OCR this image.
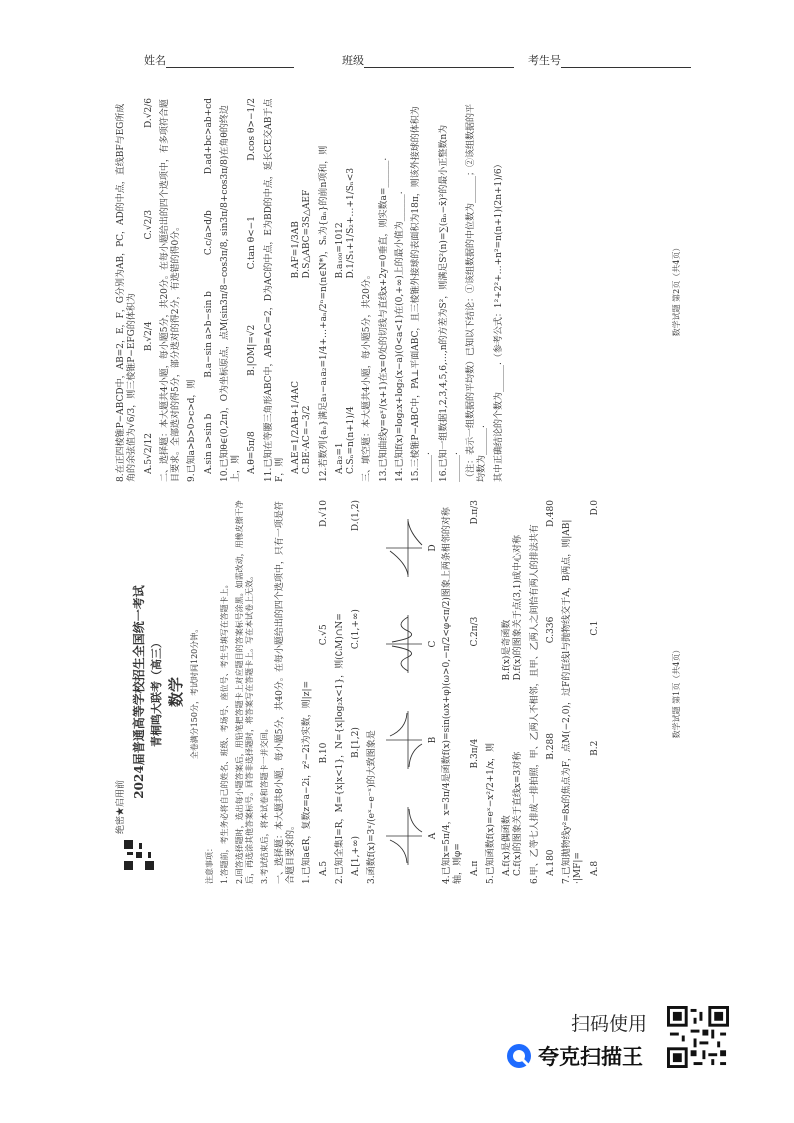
姓名	班级	考生号

绝密★启用前

2024届普通高等学校招生全国统一考试 青桐鸣大联考（高三） 数学 全卷满分150分，考试时间120分钟。

注意事项： 1.答题前，考生务必将自己的姓名、班级、考场号、座位号、考生号填写在答题卡上。 2.回答选择题时，选出每小题答案后，用铅笔把答题卡上对应题目的答案标号涂黑。如需改动，用橡皮擦干净后，再选涂其他答案标号。回答非选择题时，将答案写在答题卡上。写在本试卷上无效。 3.考试结束后，将本试卷和答题卡一并交回。 一、选择题：本大题共8小题，每小题5分，共40分。在每小题给出的四个选项中，只有一项是符合题目要求的。 1.已知a∈R，复数z=a−2i，z²−2i为实数，则|z|= A.5
B.10
C.√5
D.√10

2.已知全集I=R，M={x|x<1}，N={x|log₂x<1}，则(∁ᵢM)∩N= A.[1,+∞)
B.[1,2)
C.(1,+∞)
D.(1,2)

3.函数f(x)=3ˣ/(eˣ−e⁻ˣ)的大致图象是	A
B
C
D 4.已知x=5π/4，x=3π/4是函数f(x)=sin(ωx+φ)(ω>0,−π/2<φ<π/2)图象上两条相邻的对称轴，则φ= A.π
B.3π/4
C.2π/3
D.π/3

5.已知函数f(x)=eˣ−x²/2+1/x，则 A.f(x)是偶函数
B.f(x)是奇函数
C.f(x)的图象关于直线x=3对称
D.f(x)的图象关于点(3,1)成中心对称 6.甲、乙等七人排成一排拍照，甲、乙两人不相邻，且甲、乙两人之间恰有两人的排法共有 A.180
B.288
C.336
D.480

7.已知抛物线y²=8x的焦点为F，点M(−2,0)，过F的直线l与抛物线交于A，B两点，则|AB|·|MF|= A.8
B.2
C.1
D.0
数学试题 第1页（共4页）

8.在正四棱锥P−ABCD中，AB=2，E，F，G分别为AB，PC，AD的中点，直线BF与EG所成角的余弦值为√6/3，则三棱锥P−EFG的体积为 A.5√2/12
B.√2/4
C.√2/3
D.√2/6 二、选择题：本大题共4小题，每小题5分，共20分。在每小题给出的四个选项中，有多项符合题目要求。全部选对的得5分，部分选对的得2分，有选错的得0分。 9.已知a>b>0>c>d，则 A.sin a>sin b
B.a−sin a>b−sin b
C.c/a>d/b
D.ad+bc>ab+cd 10.已知θ∈(0,2π)，O为坐标原点，点M(sin3π/8−cos3π/8, sin3π/8+cos3π/8)在角θ的终边上，则 A.θ=5π/8
B.|OM|=√2
C.tan θ<−1
D.cos θ>−1/2 11.已知在等腰三角形ABC中，AB=AC=2，D为AC的中点，E为BD的中点，延长CE交AB于点F，则 A.AE=1/2AB+1/4AC
B.AF=1/3AB
C.BE·AC=−3/2
D.S△ABC=3S△AEF 12.若数列{aₙ}满足a₁−a₁a₂=1/4+…+aₙ/2ⁿ=n(n∈N*)，Sₙ为{aₙ}的前n项和，则 A.a₂=1
B.a₁₀₀=1012
C.Sₙ=n(n+1)/4
D.1/S₁+1/S₂+…+1/Sₙ<3

三、填空题：本大题共4小题，每小题5分，共20分。 13.已知曲线y=eˣ/(x+1)在x=0处的切线与直线x+2y=0垂直，则实数a=______. 14.已知f(x)=log₂x+log₂(x−a)(0<a<1)在(0,+∞)上的最小值为______. 15.三棱锥P−ABC中，PA⊥平面ABC，且三棱锥外接球的表面积为18π，则该外接球的体积为______. 16.已知一组数据1,2,3,4,5,6,…,n的方差为S²，则满足S²(n)=∑(aₙ−x̄)²的最小正整数n为______. （注：表示一组数据的平均数）已知以下结论：①该组数据的中位数为______；②该组数据的平均数为______. 其中正确结论的个数为______.（参考公式：1²+2²+…+n²=n(n+1)(2n+1)/6）	数学试题 第2页（共4页）
扫码使用
夸克扫描王
